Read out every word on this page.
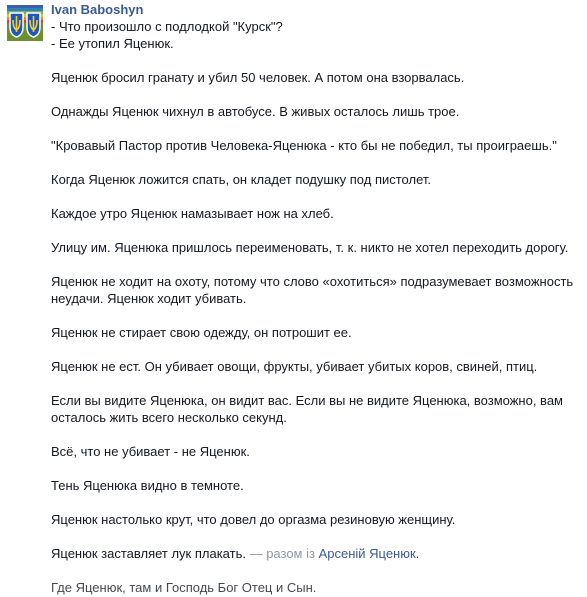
Ivan Baboshyn

- Что произошло с подлодкой "Курск"?

- Ее утопил Яценюк.

Яценюк бросил гранату и убил 50 человек. А потом она взорвалась.
Однажды Яценюк чихнул в автобусе. В живых осталось лишь трое.
"Кровавый Пастор против Человека-Яценюка - кто бы не победил, ты проиграешь."
Когда Яценюк ложится спать, он кладет подушку под пистолет.
Каждое утро Яценюк намазывает нож на хлеб.
Улицу им. Яценюка пришлось переименовать, т. к. никто не хотел переходить дорогу.
Яценюк не ходит на охоту, потому что слово «охотиться» подразумевает возможность неудачи. Яценюк ходит убивать.
Яценюк не стирает свою одежду, он потрошит ее.
Яценюк не ест. Он убивает овощи, фрукты, убивает убитых коров, свиней, птиц.
Если вы видите Яценюка, он видит вас. Если вы не видите Яценюка, возможно, вам осталось жить всего несколько секунд.
Всё, что не убивает - не Яценюк.
Тень Яценюка видно в темноте.
Яценюк настолько крут, что довел до оргазма резиновую женщину.
Яценюк заставляет лук плакать. — разом із Арсеній Яценюк.
Где Яценюк, там и Господь Бог Отец и Сын.
